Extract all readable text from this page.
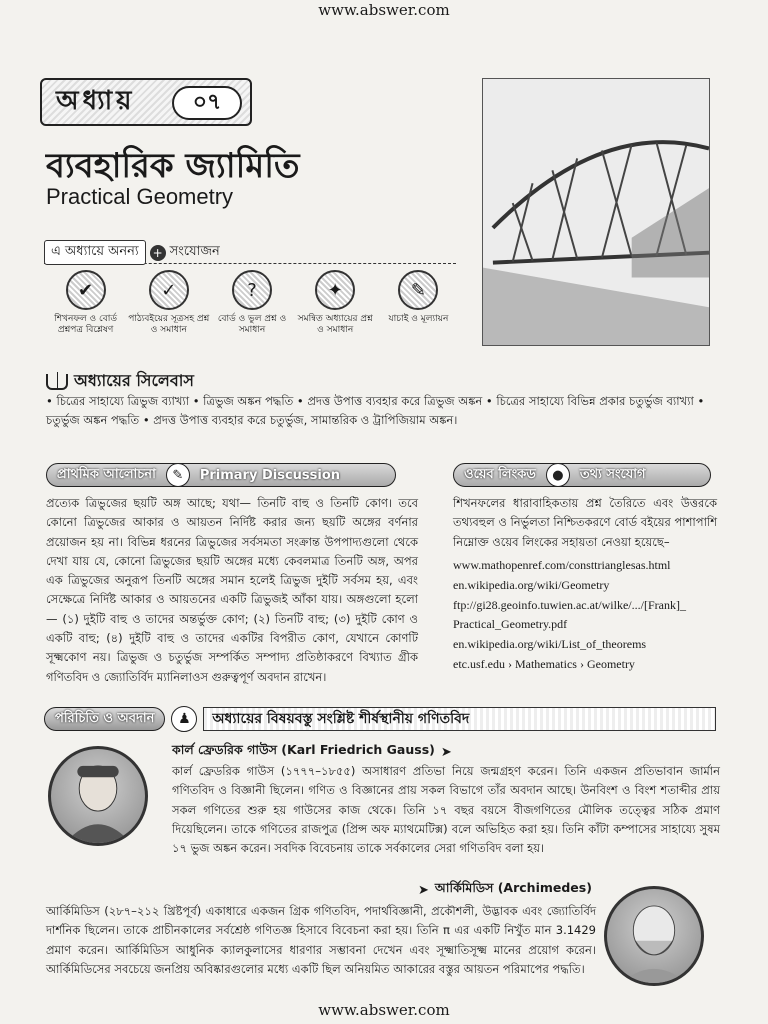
www.abswer.com
অধ্যায়	০৭
ব্যবহারিক জ্যামিতি
Practical Geometry
এ অধ্যায়ে অনন্য	+ সংযোজন
✔
শিখনফল ও বোর্ড প্রশ্নপত্র বিশ্লেষণ
✓
পাঠ্যবইয়ের সূত্রসহ প্রশ্ন ও সমাধান
?
বোর্ড ও ভুল প্রশ্ন ও সমাধান
✦
সমন্বিত অধ্যায়ের প্রশ্ন ও সমাধান
✎
যাচাই ও মূল্যায়ন
অধ্যায়ের সিলেবাস
• চিত্রের সাহায্যে ত্রিভুজ ব্যাখ্যা • ত্রিভুজ অঙ্কন পদ্ধতি • প্রদত্ত উপাত্ত ব্যবহার করে ত্রিভুজ অঙ্কন • চিত্রের সাহায্যে বিভিন্ন প্রকার চতুর্ভুজ ব্যাখ্যা • চতুর্ভুজ অঙ্কন পদ্ধতি • প্রদত্ত উপাত্ত ব্যবহার করে চতুর্ভুজ, সামান্তরিক ও ট্রাপিজিয়াম অঙ্কন।
প্রাথমিক আলোচনা	✎	Primary Discussion	ওয়েব লিংকড	●	তথ্য সংযোগ
প্রত্যেক ত্রিভুজের ছয়টি অঙ্গ আছে; যথা— তিনটি বাহু ও তিনটি কোণ। তবে কোনো ত্রিভুজের আকার ও আয়তন নির্দিষ্ট করার জন্য ছয়টি অঙ্গের বর্ণনার প্রয়োজন হয় না। বিভিন্ন ধরনের ত্রিভুজের সর্বসমতা সংক্রান্ত উপপাদ্যগুলো থেকে দেখা যায় যে, কোনো ত্রিভুজের ছয়টি অঙ্গের মধ্যে কেবলমাত্র তিনটি অঙ্গ, অপর এক ত্রিভুজের অনুরূপ তিনটি অঙ্গের সমান হলেই ত্রিভুজ দুইটি সর্বসম হয়, এবং সেক্ষেত্রে নির্দিষ্ট আকার ও আয়তনের একটি ত্রিভুজই আঁকা যায়। অঙ্গগুলো হলো— (১) দুইটি বাহু ও তাদের অন্তর্ভুক্ত কোণ; (২) তিনটি বাহু; (৩) দুইটি কোণ ও একটি বাহু; (৪) দুইটি বাহু ও তাদের একটির বিপরীত কোণ, যেখানে কোণটি সূক্ষ্মকোণ নয়। ত্রিভুজ ও চতুর্ভুজ সম্পর্কিত সম্পাদ্য প্রতিষ্ঠাকরণে বিখ্যাত গ্রীক গণিতবিদ ও জ্যোতির্বিদ ম্যানিলাওস গুরুত্বপূর্ণ অবদান রাখেন।
শিখনফলের ধারাবাহিকতায় প্রশ্ন তৈরিতে এবং উত্তরকে তথ্যবহুল ও নির্ভুলতা নিশ্চিতকরণে বোর্ড বইয়ের পাশাপাশি নিম্নোক্ত ওয়েব লিংকের সহায়তা নেওয়া হয়েছে–
www.mathopenref.com/consttrianglesas.html
en.wikipedia.org/wiki/Geometry
ftp://gi28.geoinfo.tuwien.ac.at/wilke/.../[Frank]_
Practical_Geometry.pdf
en.wikipedia.org/wiki/List_of_theorems
etc.usf.edu › Mathematics › Geometry
পরিচিতি ও অবদান	♟	অধ্যায়ের বিষয়বস্তু সংশ্লিষ্ট শীর্ষস্থানীয় গণিতবিদ
কার্ল ফ্রেডরিক গাউস (Karl Friedrich Gauss) ➤
কার্ল ফ্রেডরিক গাউস (১৭৭৭–১৮৫৫) অসাধারণ প্রতিভা নিয়ে জন্মগ্রহণ করেন। তিনি একজন প্রতিভাবান জার্মান গণিতবিদ ও বিজ্ঞানী ছিলেন। গণিত ও বিজ্ঞানের প্রায় সকল বিভাগে তাঁর অবদান আছে। উনবিংশ ও বিংশ শতাব্দীর প্রায় সকল গণিতের শুরু হয় গাউসের কাজ থেকে। তিনি ১৭ বছর বয়সে বীজগণিতের মৌলিক তত্ত্বের সঠিক প্রমাণ দিয়েছিলেন। তাকে গণিতের রাজপুত্র (প্রিন্স অফ ম্যাথমেটিক্স) বলে অভিহিত করা হয়। তিনি কাঁটা কম্পাসের সাহায্যে সুষম ১৭ ভুজ অঙ্কন করেন। সবদিক বিবেচনায় তাকে সর্বকালের সেরা গণিতবিদ বলা হয়।
➤ আর্কিমিডিস (Archimedes)
আর্কিমিডিস (২৮৭–২১২ খ্রিষ্টপূর্ব) একাধারে একজন গ্রিক গণিতবিদ, পদার্থবিজ্ঞানী, প্রকৌশলী, উদ্ভাবক এবং জ্যোতির্বিদ দার্শনিক ছিলেন। তাকে প্রাচীনকালের সর্বশ্রেষ্ঠ গণিতজ্ঞ হিসাবে বিবেচনা করা হয়। তিনি π এর একটি নিখুঁত মান 3.1429 প্রমাণ করেন। আর্কিমিডিস আধুনিক ক্যালকুলাসের ধারণার সম্ভাবনা দেখেন এবং সূক্ষ্মাতিসূক্ষ্ম মানের প্রয়োগ করেন। আর্কিমিডিসের সবচেয়ে জনপ্রিয় অবিষ্কারগুলোর মধ্যে একটি ছিল অনিয়মিত আকারের বস্তুর আয়তন পরিমাপের পদ্ধতি।
www.abswer.com
